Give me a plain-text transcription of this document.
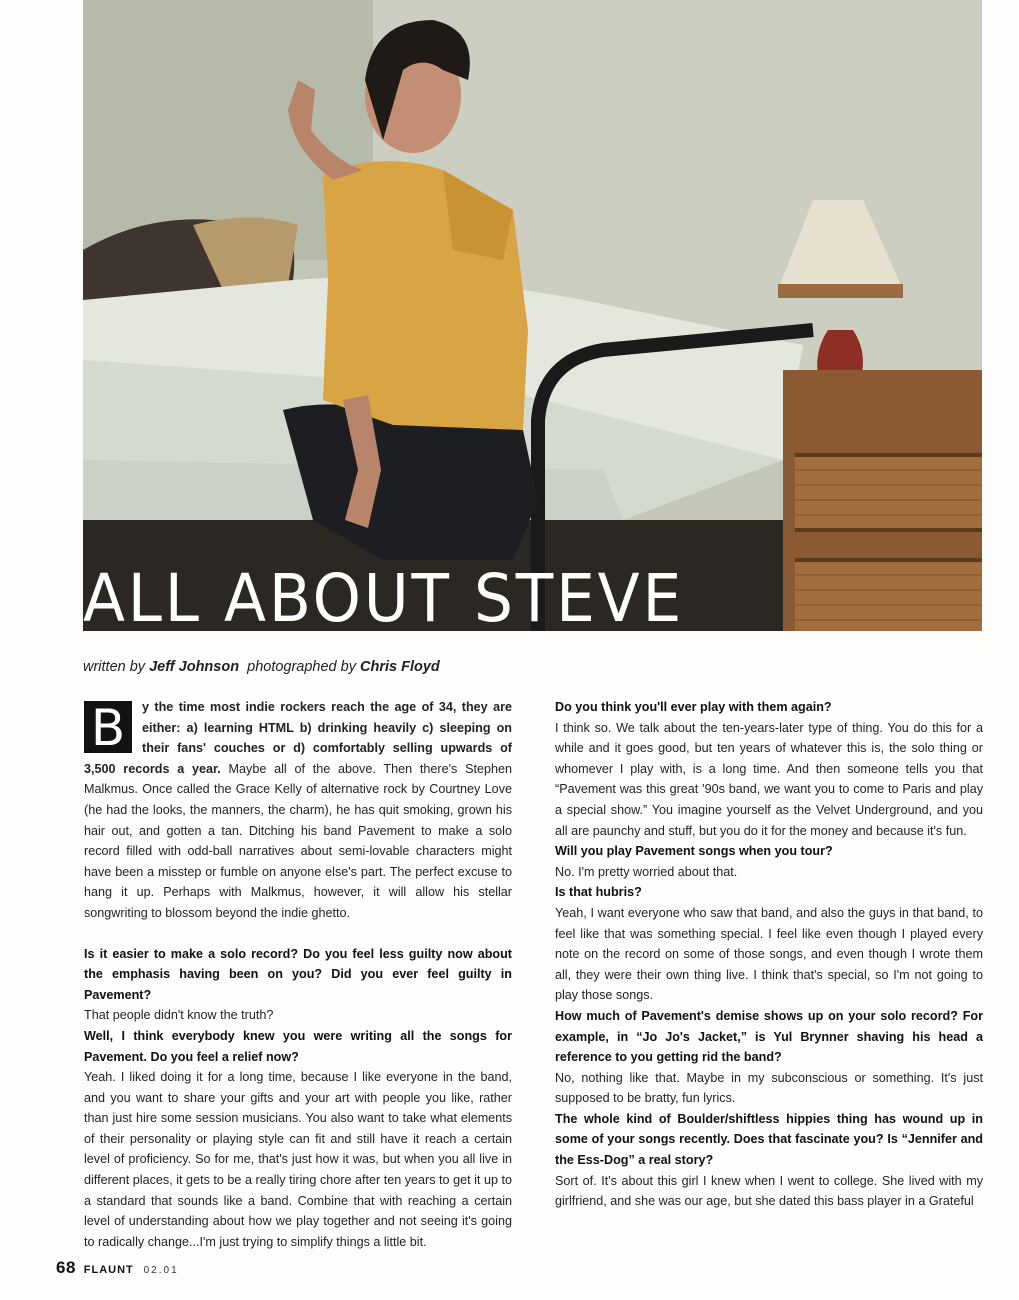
ALL ABOUT STEVE
written by Jeff Johnson photographed by Chris Floyd

B	y the time most indie rockers reach the age of 34, they are either: a) learning HTML b) drinking heavily c) sleeping on their fans' couches or d) comfortably selling upwards of 3,500 records a year. Maybe all of the above. Then there's Stephen Malkmus. Once called the Grace Kelly of alternative rock by Courtney Love (he had the looks, the manners, the charm), he has quit smoking, grown his hair out, and gotten a tan. Ditching his band Pavement to make a solo record filled with odd-ball narratives about semi-lovable characters might have been a misstep or fumble on anyone else's part. The perfect excuse to hang it up. Perhaps with Malkmus, however, it will allow his stellar songwriting to blossom beyond the indie ghetto.

Is it easier to make a solo record? Do you feel less guilty now about the emphasis having been on you? Did you ever feel guilty in Pavement?

That people didn't know the truth?

Well, I think everybody knew you were writing all the songs for Pavement. Do you feel a relief now?

Yeah. I liked doing it for a long time, because I like everyone in the band, and you want to share your gifts and your art with people you like, rather than just hire some session musicians. You also want to take what elements of their personality or playing style can fit and still have it reach a certain level of proficiency. So for me, that's just how it was, but when you all live in different places, it gets to be a really tiring chore after ten years to get it up to a standard that sounds like a band. Combine that with reaching a certain level of understanding about how we play together and not seeing it's going to radically change...I'm just trying to simplify things a little bit.

Do you think you'll ever play with them again?

I think so. We talk about the ten-years-later type of thing. You do this for a while and it goes good, but ten years of whatever this is, the solo thing or whomever I play with, is a long time. And then someone tells you that “Pavement was this great '90s band, we want you to come to Paris and play a special show.” You imagine yourself as the Velvet Underground, and you all are paunchy and stuff, but you do it for the money and because it's fun.

Will you play Pavement songs when you tour?

No. I'm pretty worried about that.

Is that hubris?

Yeah, I want everyone who saw that band, and also the guys in that band, to feel like that was something special. I feel like even though I played every note on the record on some of those songs, and even though I wrote them all, they were their own thing live. I think that's special, so I'm not going to play those songs.

How much of Pavement's demise shows up on your solo record? For example, in “Jo Jo's Jacket,” is Yul Brynner shaving his head a reference to you getting rid the band?

No, nothing like that. Maybe in my subconscious or something. It's just supposed to be bratty, fun lyrics.

The whole kind of Boulder/shiftless hippies thing has wound up in some of your songs recently. Does that fascinate you? Is “Jennifer and the Ess-Dog” a real story?

Sort of. It's about this girl I knew when I went to college. She lived with my girlfriend, and she was our age, but she dated this bass player in a Grateful

68 FLAUNT 02.01
